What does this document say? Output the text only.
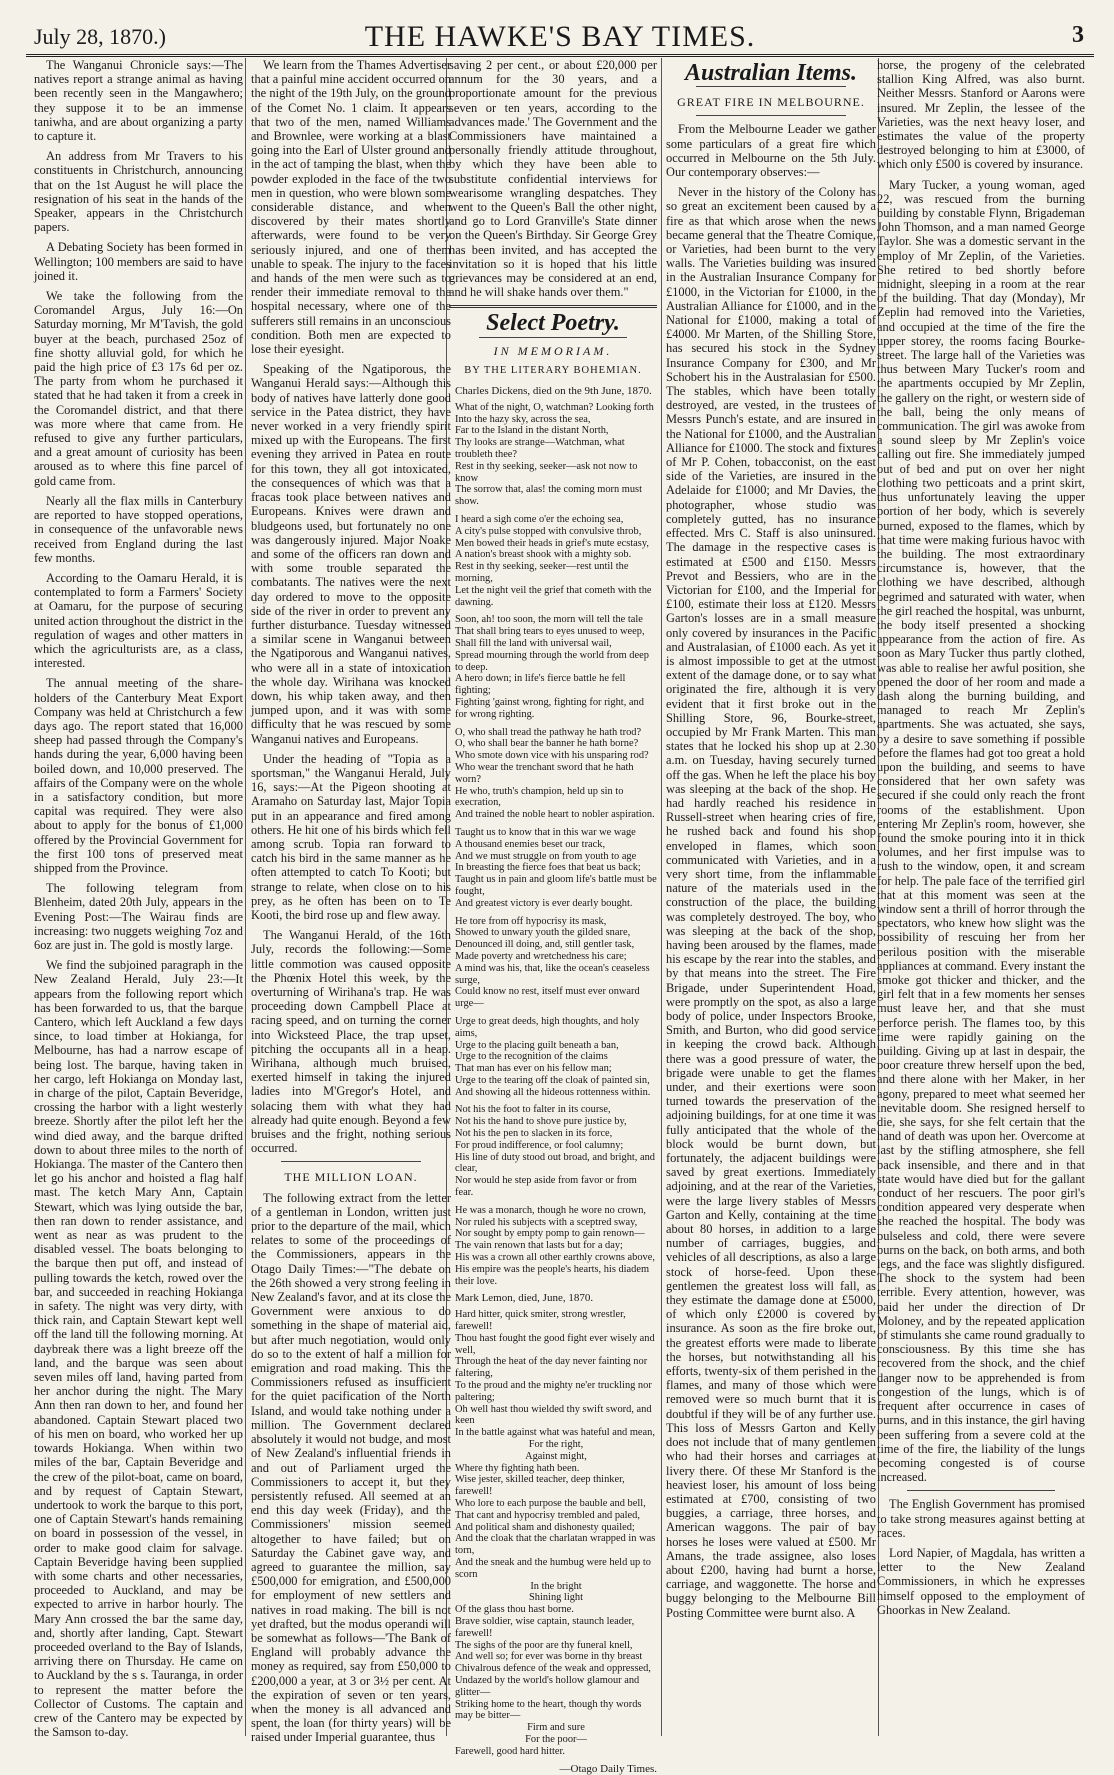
July 28, 1870.)	THE HAWKE'S BAY TIMES.	3

The Wanganui Chronicle says:—The natives report a strange animal as having been recently seen in the Mangawhero; they suppose it to be an immense taniwha, and are about organizing a party to capture it.

An address from Mr Travers to his constituents in Christchurch, announcing that on the 1st August he will place the resignation of his seat in the hands of the Speaker, appears in the Christchurch papers.

A Debating Society has been formed in Wellington; 100 members are said to have joined it.

We take the following from the Coromandel Argus, July 16:—On Saturday morning, Mr M'Tavish, the gold buyer at the beach, purchased 25oz of fine shotty alluvial gold, for which he paid the high price of £3 17s 6d per oz. The party from whom he purchased it stated that he had taken it from a creek in the Coromandel district, and that there was more where that came from. He refused to give any further particulars, and a great amount of curiosity has been aroused as to where this fine parcel of gold came from.

Nearly all the flax mills in Canterbury are reported to have stopped operations, in consequence of the unfavorable news received from England during the last few months.

According to the Oamaru Herald, it is contemplated to form a Farmers' Society at Oamaru, for the purpose of securing united action throughout the district in the regulation of wages and other matters in which the agriculturists are, as a class, interested.

The annual meeting of the share-holders of the Canterbury Meat Export Company was held at Christchurch a few days ago. The report stated that 16,000 sheep had passed through the Company's hands during the year, 6,000 having been boiled down, and 10,000 preserved. The affairs of the Company were on the whole in a satisfactory condition, but more capital was required. They were also about to apply for the bonus of £1,000 offered by the Provincial Government for the first 100 tons of preserved meat shipped from the Province.

The following telegram from Blenheim, dated 20th July, appears in the Evening Post:—The Wairau finds are increasing: two nuggets weighing 7oz and 6oz are just in. The gold is mostly large.

We find the subjoined paragraph in the New Zealand Herald, July 23:—It appears from the following report which has been forwarded to us, that the barque Cantero, which left Auckland a few days since, to load timber at Hokianga, for Melbourne, has had a narrow escape of being lost. The barque, having taken in her cargo, left Hokianga on Monday last, in charge of the pilot, Captain Beveridge, crossing the harbor with a light westerly breeze. Shortly after the pilot left her the wind died away, and the barque drifted down to about three miles to the north of Hokianga. The master of the Cantero then let go his anchor and hoisted a flag half mast. The ketch Mary Ann, Captain Stewart, which was lying outside the bar, then ran down to render assistance, and went as near as was prudent to the disabled vessel. The boats belonging to the barque then put off, and instead of pulling towards the ketch, rowed over the bar, and succeeded in reaching Hokianga in safety. The night was very dirty, with thick rain, and Captain Stewart kept well off the land till the following morning. At daybreak there was a light breeze off the land, and the barque was seen about seven miles off land, having parted from her anchor during the night. The Mary Ann then ran down to her, and found her abandoned. Captain Stewart placed two of his men on board, who worked her up towards Hokianga. When within two miles of the bar, Captain Beveridge and the crew of the pilot-boat, came on board, and by request of Captain Stewart, undertook to work the barque to this port, one of Captain Stewart's hands remaining on board in possession of the vessel, in order to make good claim for salvage. Captain Beveridge having been supplied with some charts and other necessaries, proceeded to Auckland, and may be expected to arrive in harbor hourly. The Mary Ann crossed the bar the same day, and, shortly after landing, Capt. Stewart proceeded overland to the Bay of Islands, arriving there on Thursday. He came on to Auckland by the s s. Tauranga, in order to represent the matter before the Collector of Customs. The captain and crew of the Cantero may be expected by the Samson to-day.

We learn from the Thames Advertiser that a painful mine accident occurred on the night of the 19th July, on the ground of the Comet No. 1 claim. It appears that two of the men, named Williams and Brownlee, were working at a blast going into the Earl of Ulster ground and in the act of tamping the blast, when the powder exploded in the face of the two men in question, who were blown some considerable distance, and when discovered by their mates shortly afterwards, were found to be very seriously injured, and one of them unable to speak. The injury to the faces and hands of the men were such as to render their immediate removal to the hospital necessary, where one of the sufferers still remains in an unconscious condition. Both men are expected to lose their eyesight.

Speaking of the Ngatiporous, the Wanganui Herald says:—Although this body of natives have latterly done good service in the Patea district, they have never worked in a very friendly spirit mixed up with the Europeans. The first evening they arrived in Patea en route for this town, they all got intoxicated, the consequences of which was that a fracas took place between natives and Europeans. Knives were drawn and bludgeons used, but fortunately no one was dangerously injured. Major Noake and some of the officers ran down and with some trouble separated the combatants. The natives were the next day ordered to move to the opposite side of the river in order to prevent any further disturbance. Tuesday witnessed a similar scene in Wanganui between the Ngatiporous and Wanganui natives, who were all in a state of intoxication the whole day. Wirihana was knocked down, his whip taken away, and then jumped upon, and it was with some difficulty that he was rescued by some Wanganui natives and Europeans.

Under the heading of "Topia as a sportsman," the Wanganui Herald, July 16, says:—At the Pigeon shooting at Aramaho on Saturday last, Major Topia put in an appearance and fired among others. He hit one of his birds which fell among scrub. Topia ran forward to catch his bird in the same manner as he often attempted to catch To Kooti; but strange to relate, when close on to his prey, as he often has been on to Te Kooti, the bird rose up and flew away.

The Wanganui Herald, of the 16th July, records the following:—Some little commotion was caused opposite the Phœnix Hotel this week, by the overturning of Wirihana's trap. He was proceeding down Campbell Place at racing speed, and on turning the corner into Wicksteed Place, the trap upset, pitching the occupants all in a heap. Wirihana, although much bruised, exerted himself in taking the injured ladies into M'Gregor's Hotel, and solacing them with what they had already had quite enough. Beyond a few bruises and the fright, nothing serious occurred.

THE MILLION LOAN.

The following extract from the letter of a gentleman in London, written just prior to the departure of the mail, which relates to some of the proceedings of the Commissioners, appears in the Otago Daily Times:—"The debate on the 26th showed a very strong feeling in New Zealand's favor, and at its close the Government were anxious to do something in the shape of material aid, but after much negotiation, would only do so to the extent of half a million for emigration and road making. This the Commissioners refused as insufficient for the quiet pacification of the North Island, and would take nothing under a million. The Government declared absolutely it would not budge, and most of New Zealand's influential friends in and out of Parliament urged the Commissioners to accept it, but they persistently refused. All seemed at an end this day week (Friday), and the Commissioners' mission seemed altogether to have failed; but on Saturday the Cabinet gave way, and agreed to guarantee the million, say £500,000 for emigration, and £500,000 for employment of new settlers and natives in road making. The bill is not yet drafted, but the modus operandi will be somewhat as follows—'The Bank of England will probably advance the money as required, say from £50,000 to £200,000 a year, at 3 or 3½ per cent. At the expiration of seven or ten years, when the money is all advanced and spent, the loan (for thirty years) will be raised under Imperial guarantee, thus

saving 2 per cent., or about £20,000 per annum for the 30 years, and a proportionate amount for the previous seven or ten years, according to the advances made.' The Government and the Commissioners have maintained a personally friendly attitude throughout, by which they have been able to substitute confidential interviews for wearisome wrangling despatches. They went to the Queen's Ball the other night, and go to Lord Granville's State dinner on the Queen's Birthday. Sir George Grey has been invited, and has accepted the invitation so it is hoped that his little grievances may be considered at an end, and he will shake hands over them."

Select Poetry.
IN MEMORIAM.
BY THE LITERARY BOHEMIAN.
Charles Dickens, died on the 9th June, 1870.
What of the night, O, watchman? Looking forth
Into the hazy sky, across the sea,
Far to the Island in the distant North,
Thy looks are strange—Watchman, what troubleth thee?
Rest in thy seeking, seeker—ask not now to know
The sorrow that, alas! the coming morn must show.
I heard a sigh come o'er the echoing sea,
A city's pulse stopped with convulsive throb,
Men bowed their heads in grief's mute ecstasy,
A nation's breast shook with a mighty sob.
Rest in thy seeking, seeker—rest until the morning,
Let the night veil the grief that cometh with the dawning.
Soon, ah! too soon, the morn will tell the tale
That shall bring tears to eyes unused to weep,
Shall fill the land with universal wail,
Spread mourning through the world from deep to deep.
A hero down; in life's fierce battle he fell fighting;
Fighting 'gainst wrong, fighting for right, and for wrong righting.
O, who shall tread the pathway he hath trod?
O, who shall bear the banner he hath borne?
Who smote down vice with his unsparing rod?
Who wear the trenchant sword that he hath worn?
He who, truth's champion, held up sin to execration,
And trained the noble heart to nobler aspiration.
Taught us to know that in this war we wage
A thousand enemies beset our track,
And we must struggle on from youth to age
In breasting the fierce foes that beat us back;
Taught us in pain and gloom life's battle must be fought,
And greatest victory is ever dearly bought.
He tore from off hypocrisy its mask,
Showed to unwary youth the gilded snare,
Denounced ill doing, and, still gentler task,
Made poverty and wretchedness his care;
A mind was his, that, like the ocean's ceaseless surge,
Could know no rest, itself must ever onward urge—
Urge to great deeds, high thoughts, and holy aims,
Urge to the placing guilt beneath a ban,
Urge to the recognition of the claims
That man has ever on his fellow man;
Urge to the tearing off the cloak of painted sin,
And showing all the hideous rottenness within.
Not his the foot to falter in its course,
Not his the hand to shove pure justice by,
Not his the pen to slacken in its force,
For proud indifference, or fool calumny;
His line of duty stood out broad, and bright, and clear,
Nor would he step aside from favor or from fear.
He was a monarch, though he wore no crown,
Nor ruled his subjects with a sceptred sway,
Nor sought by empty pomp to gain renown—
The vain renown that lasts but for a day;
His was a crown all other earthly crowns above,
His empire was the people's hearts, his diadem their love.
Mark Lemon, died, June, 1870.
Hard hitter, quick smiter, strong wrestler, farewell!
Thou hast fought the good fight ever wisely and well,
Through the heat of the day never fainting nor faltering,
To the proud and the mighty ne'er truckling nor paltering;
Oh well hast thou wielded thy swift sword, and keen
In the battle against what was hateful and mean,
For the right,
Against might,
Where thy fighting hath been.
Wise jester, skilled teacher, deep thinker, farewell!
Who lore to each purpose the bauble and bell,
That cant and hypocrisy trembled and paled,
And political sham and dishonesty quailed;
And the cloak that the charlatan wrapped in was torn,
And the sneak and the humbug were held up to scorn
In the bright
Shining light
Of the glass thou hast borne.
Brave soldier, wise captain, staunch leader, farewell!
The sighs of the poor are thy funeral knell,
And well so; for ever was borne in thy breast
Chivalrous defence of the weak and oppressed,
Undazed by the world's hollow glamour and glitter—
Striking home to the heart, though thy words may be bitter—
Firm and sure
For the poor—
Farewell, good hard hitter.
—Otago Daily Times.
Australian Items.
GREAT FIRE IN MELBOURNE.

From the Melbourne Leader we gather some particulars of a great fire which occurred in Melbourne on the 5th July. Our contemporary observes:—

Never in the history of the Colony has so great an excitement been caused by a fire as that which arose when the news became general that the Theatre Comique, or Varieties, had been burnt to the very walls. The Varieties building was insured in the Australian Insurance Company for £1000, in the Victorian for £1000, in the Australian Alliance for £1000, and in the National for £1000, making a total of £4000. Mr Marten, of the Shilling Store, has secured his stock in the Sydney Insurance Company for £300, and Mr Schobert his in the Australasian for £500. The stables, which have been totally destroyed, are vested, in the trustees of Messrs Punch's estate, and are insured in the National for £1000, and the Australian Alliance for £1000. The stock and fixtures of Mr P. Cohen, tobacconist, on the east side of the Varieties, are insured in the Adelaide for £1000; and Mr Davies, the photographer, whose studio was completely gutted, has no insurance effected. Mrs C. Staff is also uninsured. The damage in the respective cases is estimated at £500 and £150. Messrs Prevot and Bessiers, who are in the Victorian for £100, and the Imperial for £100, estimate their loss at £120. Messrs Garton's losses are in a small measure only covered by insurances in the Pacific and Australasian, of £1000 each. As yet it is almost impossible to get at the utmost extent of the damage done, or to say what originated the fire, although it is very evident that it first broke out in the Shilling Store, 96, Bourke-street, occupied by Mr Frank Marten. This man states that he locked his shop up at 2.30 a.m. on Tuesday, having securely turned off the gas. When he left the place his boy was sleeping at the back of the shop. He had hardly reached his residence in Russell-street when hearing cries of fire, he rushed back and found his shop enveloped in flames, which soon communicated with Varieties, and in a very short time, from the inflammable nature of the materials used in the construction of the place, the building was completely destroyed. The boy, who was sleeping at the back of the shop, having been aroused by the flames, made his escape by the rear into the stables, and by that means into the street. The Fire Brigade, under Superintendent Hoad, were promptly on the spot, as also a large body of police, under Inspectors Brooke, Smith, and Burton, who did good service in keeping the crowd back. Although there was a good pressure of water, the brigade were unable to get the flames under, and their exertions were soon turned towards the preservation of the adjoining buildings, for at one time it was fully anticipated that the whole of the block would be burnt down, but fortunately, the adjacent buildings were saved by great exertions. Immediately adjoining, and at the rear of the Varieties, were the large livery stables of Messrs Garton and Kelly, containing at the time about 80 horses, in addition to a large number of carriages, buggies, and vehicles of all descriptions, as also a large stock of horse-feed. Upon these gentlemen the greatest loss will fall, as they estimate the damage done at £5000, of which only £2000 is covered by insurance. As soon as the fire broke out, the greatest efforts were made to liberate the horses, but notwithstanding all his efforts, twenty-six of them perished in the flames, and many of those which were removed were so much burnt that it is doubtful if they will be of any further use. This loss of Messrs Garton and Kelly does not include that of many gentlemen who had their horses and carriages at livery there. Of these Mr Stanford is the heaviest loser, his amount of loss being estimated at £700, consisting of two buggies, a carriage, three horses, and American waggons. The pair of bay horses he loses were valued at £500. Mr Amans, the trade assignee, also loses about £200, having had burnt a horse, carriage, and waggonette. The horse and buggy belonging to the Melbourne Bill Posting Committee were burnt also. A

horse, the progeny of the celebrated stallion King Alfred, was also burnt. Neither Messrs. Stanford or Aarons were insured. Mr Zeplin, the lessee of the Varieties, was the next heavy loser, and estimates the value of the property destroyed belonging to him at £3000, of which only £500 is covered by insurance.

Mary Tucker, a young woman, aged 22, was rescued from the burning building by constable Flynn, Brigademan John Thomson, and a man named George Taylor. She was a domestic servant in the employ of Mr Zeplin, of the Varieties. She retired to bed shortly before midnight, sleeping in a room at the rear of the building. That day (Monday), Mr Zeplin had removed into the Varieties, and occupied at the time of the fire the upper storey, the rooms facing Bourke-street. The large hall of the Varieties was thus between Mary Tucker's room and the apartments occupied by Mr Zeplin, the gallery on the right, or western side of the ball, being the only means of communication. The girl was awoke from a sound sleep by Mr Zeplin's voice calling out fire. She immediately jumped out of bed and put on over her night clothing two petticoats and a print skirt, thus unfortunately leaving the upper portion of her body, which is severely burned, exposed to the flames, which by that time were making furious havoc with the building. The most extraordinary circumstance is, however, that the clothing we have described, although begrimed and saturated with water, when the girl reached the hospital, was unburnt, the body itself presented a shocking appearance from the action of fire. As soon as Mary Tucker thus partly clothed, was able to realise her awful position, she opened the door of her room and made a dash along the burning building, and managed to reach Mr Zeplin's apartments. She was actuated, she says, by a desire to save something if possible before the flames had got too great a hold upon the building, and seems to have considered that her own safety was secured if she could only reach the front rooms of the establishment. Upon entering Mr Zeplin's room, however, she found the smoke pouring into it in thick volumes, and her first impulse was to rush to the window, open, it and scream for help. The pale face of the terrified girl that at this moment was seen at the window sent a thrill of horror through the spectators, who knew how slight was the possibility of rescuing her from her perilous position with the miserable appliances at command. Every instant the smoke got thicker and thicker, and the girl felt that in a few moments her senses must leave her, and that she must perforce perish. The flames too, by this time were rapidly gaining on the building. Giving up at last in despair, the poor creature threw herself upon the bed, and there alone with her Maker, in her agony, prepared to meet what seemed her inevitable doom. She resigned herself to die, she says, for she felt certain that the hand of death was upon her. Overcome at last by the stifling atmosphere, she fell back insensible, and there and in that state would have died but for the gallant conduct of her rescuers. The poor girl's condition appeared very desperate when she reached the hospital. The body was pulseless and cold, there were severe burns on the back, on both arms, and both legs, and the face was slightly disfigured. The shock to the system had been terrible. Every attention, however, was paid her under the direction of Dr Moloney, and by the repeated application of stimulants she came round gradually to consciousness. By this time she has recovered from the shock, and the chief danger now to be apprehended is from congestion of the lungs, which is of frequent after occurrence in cases of burns, and in this instance, the girl having been suffering from a severe cold at the time of the fire, the liability of the lungs becoming congested is of course increased.

The English Government has promised to take strong measures against betting at races.

Lord Napier, of Magdala, has written a letter to the New Zealand Commissioners, in which he expresses himself opposed to the employment of Ghoorkas in New Zealand.
